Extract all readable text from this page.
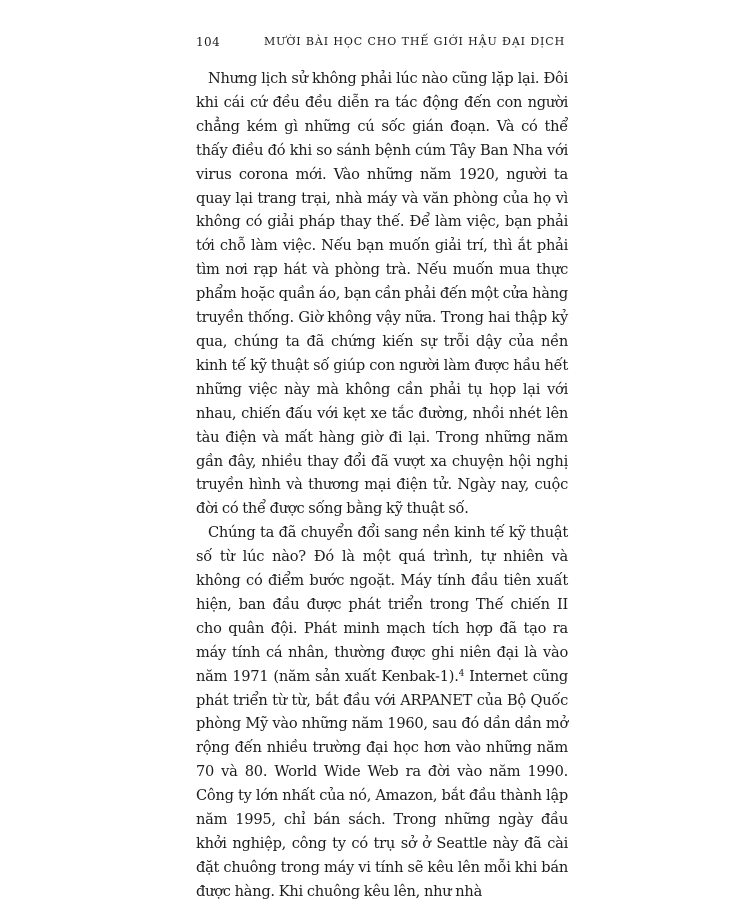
104	MƯỜI BÀI HỌC CHO THẾ GIỚI HẬU ĐẠI DỊCH

Nhưng lịch sử không phải lúc nào cũng lặp lại. Đôi khi cái cứ đều đều diễn ra tác động đến con người chẳng kém gì những cú sốc gián đoạn. Và có thể thấy điều đó khi so sánh bệnh cúm Tây Ban Nha với virus corona mới. Vào những năm 1920, người ta quay lại trang trại, nhà máy và văn phòng của họ vì không có giải pháp thay thế. Để làm việc, bạn phải tới chỗ làm việc. Nếu bạn muốn giải trí, thì ắt phải tìm nơi rạp hát và phòng trà. Nếu muốn mua thực phẩm hoặc quần áo, bạn cần phải đến một cửa hàng truyền thống. Giờ không vậy nữa. Trong hai thập kỷ qua, chúng ta đã chứng kiến sự trỗi dậy của nền kinh tế kỹ thuật số giúp con người làm được hầu hết những việc này mà không cần phải tụ họp lại với nhau, chiến đấu với kẹt xe tắc đường, nhồi nhét lên tàu điện và mất hàng giờ đi lại. Trong những năm gần đây, nhiều thay đổi đã vượt xa chuyện hội nghị truyền hình và thương mại điện tử. Ngày nay, cuộc đời có thể được sống bằng kỹ thuật số.

Chúng ta đã chuyển đổi sang nền kinh tế kỹ thuật số từ lúc nào? Đó là một quá trình, tự nhiên và không có điểm bước ngoặt. Máy tính đầu tiên xuất hiện, ban đầu được phát triển trong Thế chiến II cho quân đội. Phát minh mạch tích hợp đã tạo ra máy tính cá nhân, thường được ghi niên đại là vào năm 1971 (năm sản xuất Kenbak-1).$^4$ Internet cũng phát triển từ từ, bắt đầu với ARPANET của Bộ Quốc phòng Mỹ vào những năm 1960, sau đó dần dần mở rộng đến nhiều trường đại học hơn vào những năm 70 và 80. World Wide Web ra đời vào năm 1990. Công ty lớn nhất của nó, Amazon, bắt đầu thành lập năm 1995, chỉ bán sách. Trong những ngày đầu khởi nghiệp, công ty có trụ sở ở Seattle này đã cài đặt chuông trong máy vi tính sẽ kêu lên mỗi khi bán được hàng. Khi chuông kêu lên, như nhà
